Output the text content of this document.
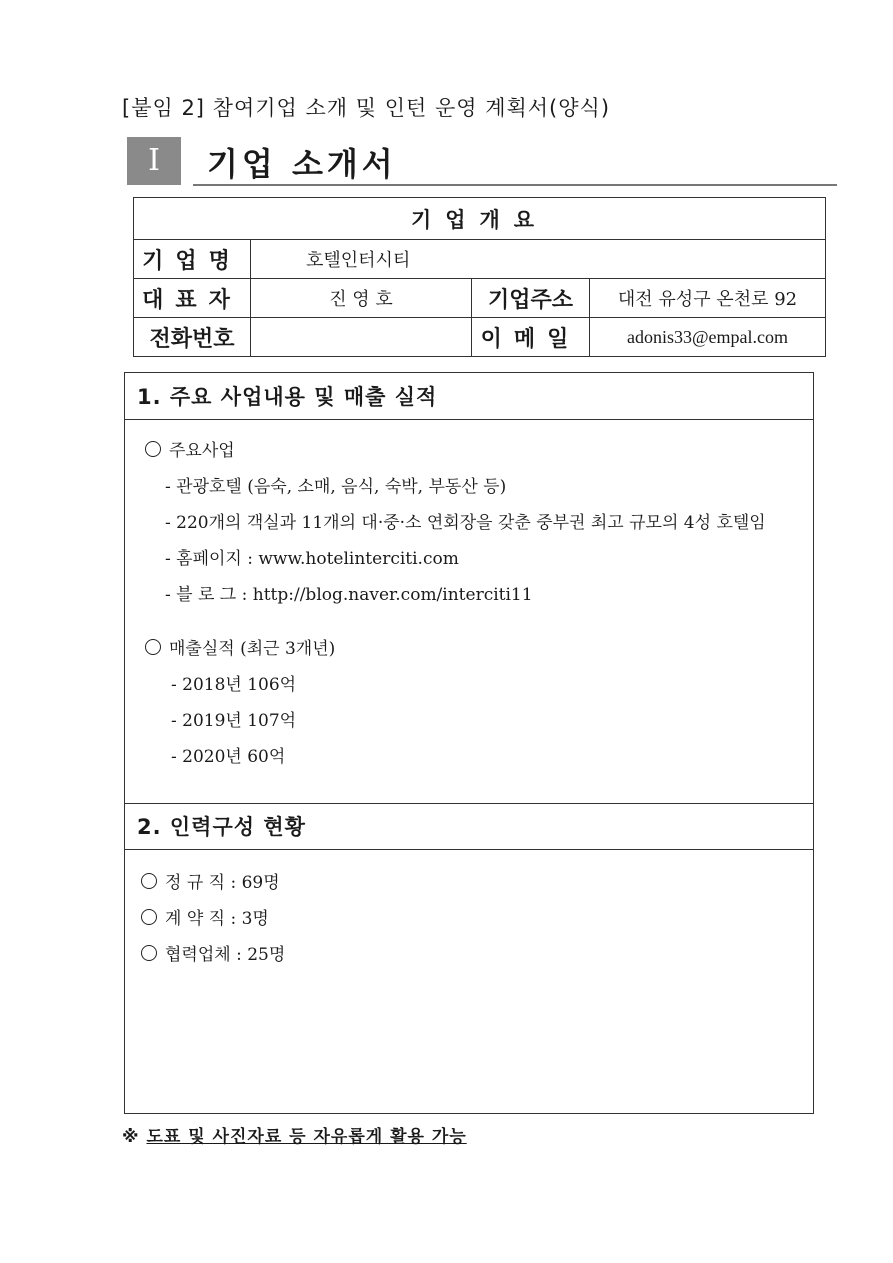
[붙임 2] 참여기업 소개 및 인턴 운영 계획서(양식)
Ⅰ	기업 소개서
기업개요			
기업명	호텔인터시티		
대표자	진 영 호	기업주소	대전 유성구 온천로 92
전화번호		이메일	adonis33@empal.com
1. 주요 사업내용 및 매출 실적
주요사업
- 관광호텔 (음숙, 소매, 음식, 숙박, 부동산 등)
- 220개의 객실과 11개의 대·중·소 연회장을 갖춘 중부권 최고 규모의 4성 호텔임
- 홈페이지 : www.hotelinterciti.com
- 블 로 그 : http://blog.naver.com/interciti11
매출실적 (최근 3개년)
- 2018년 106억
- 2019년 107억
- 2020년 60억
2. 인력구성 현황
정 규 직 : 69명
계 약 직 : 3명
협력업체 : 25명
※ 도표 및 사진자료 등 자유롭게 활용 가능
